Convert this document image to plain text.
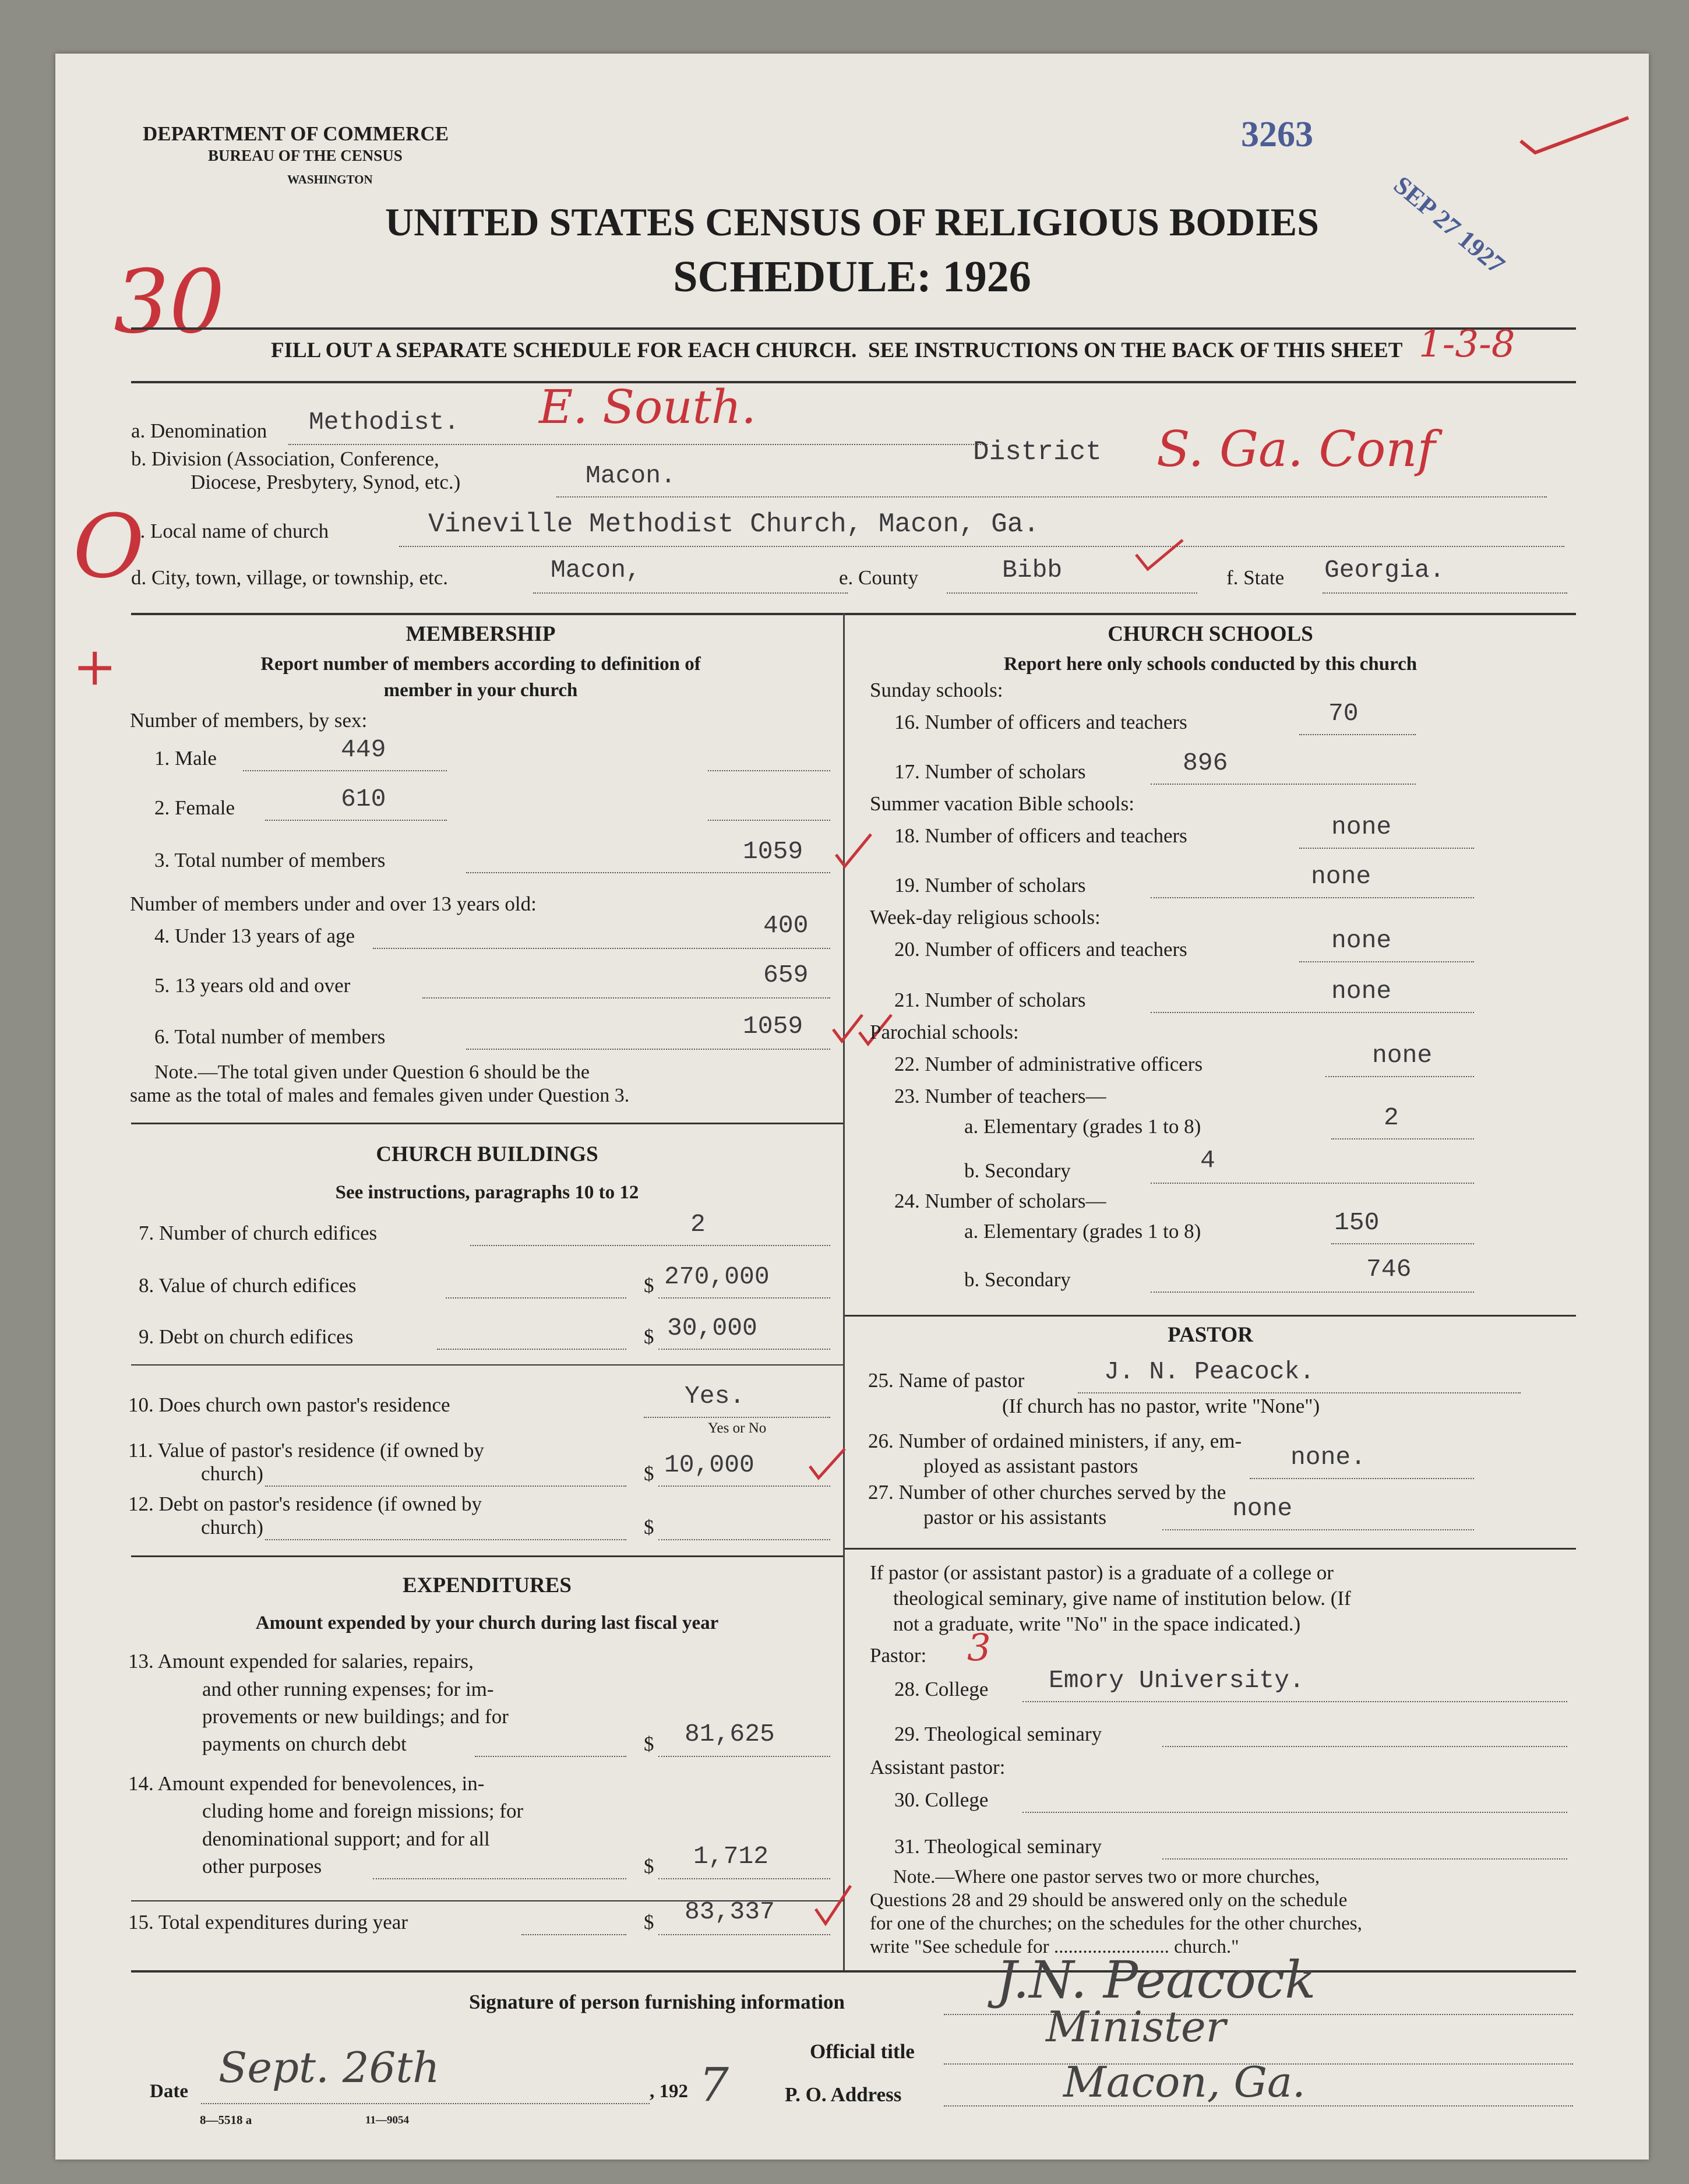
DEPARTMENT OF COMMERCE
BUREAU OF THE CENSUS
WASHINGTON
3263
SEP 27 1927
UNITED STATES CENSUS OF RELIGIOUS BODIES
SCHEDULE: 1926
30 FILL OUT A SEPARATE SCHEDULE FOR EACH CHURCH. SEE INSTRUCTIONS ON THE BACK OF THIS SHEET 1-3-8
a. Denomination Methodist. E. South.
b. Division (Association, Conference,
Diocese, Presbytery, Synod, etc.)	Macon.
District S. Ga. Conf
c. Local name of church	Vineville Methodist Church, Macon, Ga.
d. City, town, village, or township, etc.	Macon,	e. County	Bibb	f. State Georgia.
O
+
MEMBERSHIP
Report number of members according to definition of
member in your church
Number of members, by sex:
1. Male	449
2. Female	610
3. Total number of members	1059
Number of members under and over 13 years old:
4. Under 13 years of age	400
5. 13 years old and over	659
6. Total number of members	1059
Note.—The total given under Question 6 should be the
same as the total of males and females given under Question 3.
CHURCH BUILDINGS
See instructions, paragraphs 10 to 12
7. Number of church edifices	2
8. Value of church edifices	$ 270,000
9. Debt on church edifices	$ 30,000
10. Does church own pastor's residence	Yes.
Yes or No
11. Value of pastor's residence (if owned by
church)	$ 10,000
12. Debt on pastor's residence (if owned by
church)	$
EXPENDITURES
Amount expended by your church during last fiscal year
13. Amount expended for salaries, repairs,
and other running expenses; for im-
provements or new buildings; and for
payments on church debt	$ 81,625
14. Amount expended for benevolences, in-
cluding home and foreign missions; for
denominational support; and for all
other purposes	$ 1,712
15. Total expenditures during year	$ 83,337
CHURCH SCHOOLS
Report here only schools conducted by this church
Sunday schools:
16. Number of officers and teachers	70
17. Number of scholars	896
Summer vacation Bible schools:
18. Number of officers and teachers	none
19. Number of scholars	none
Week-day religious schools:
20. Number of officers and teachers	none
21. Number of scholars	none
Parochial schools:
22. Number of administrative officers	none
23. Number of teachers—
a. Elementary (grades 1 to 8)	2
b. Secondary	4
24. Number of scholars—
a. Elementary (grades 1 to 8)	150
b. Secondary	746
PASTOR
25. Name of pastor	J. N. Peacock.
(If church has no pastor, write "None")
26. Number of ordained ministers, if any, em-
ployed as assistant pastors	none.
27. Number of other churches served by the
pastor or his assistants	none
If pastor (or assistant pastor) is a graduate of a college or
theological seminary, give name of institution below. (If
not a graduate, write "No" in the space indicated.)
Pastor: 3
28. College Emory University.
29. Theological seminary
Assistant pastor:
30. College
31. Theological seminary
Note.—Where one pastor serves two or more churches,
Questions 28 and 29 should be answered only on the schedule
for one of the churches; on the schedules for the other churches,
write "See schedule for ........................ church."
Signature of person furnishing information	J.N. Peacock
Official title
Minister
Date Sept. 26th	, 192 7	P. O. Address	Macon, Ga.
8—5518 a	11—9054
